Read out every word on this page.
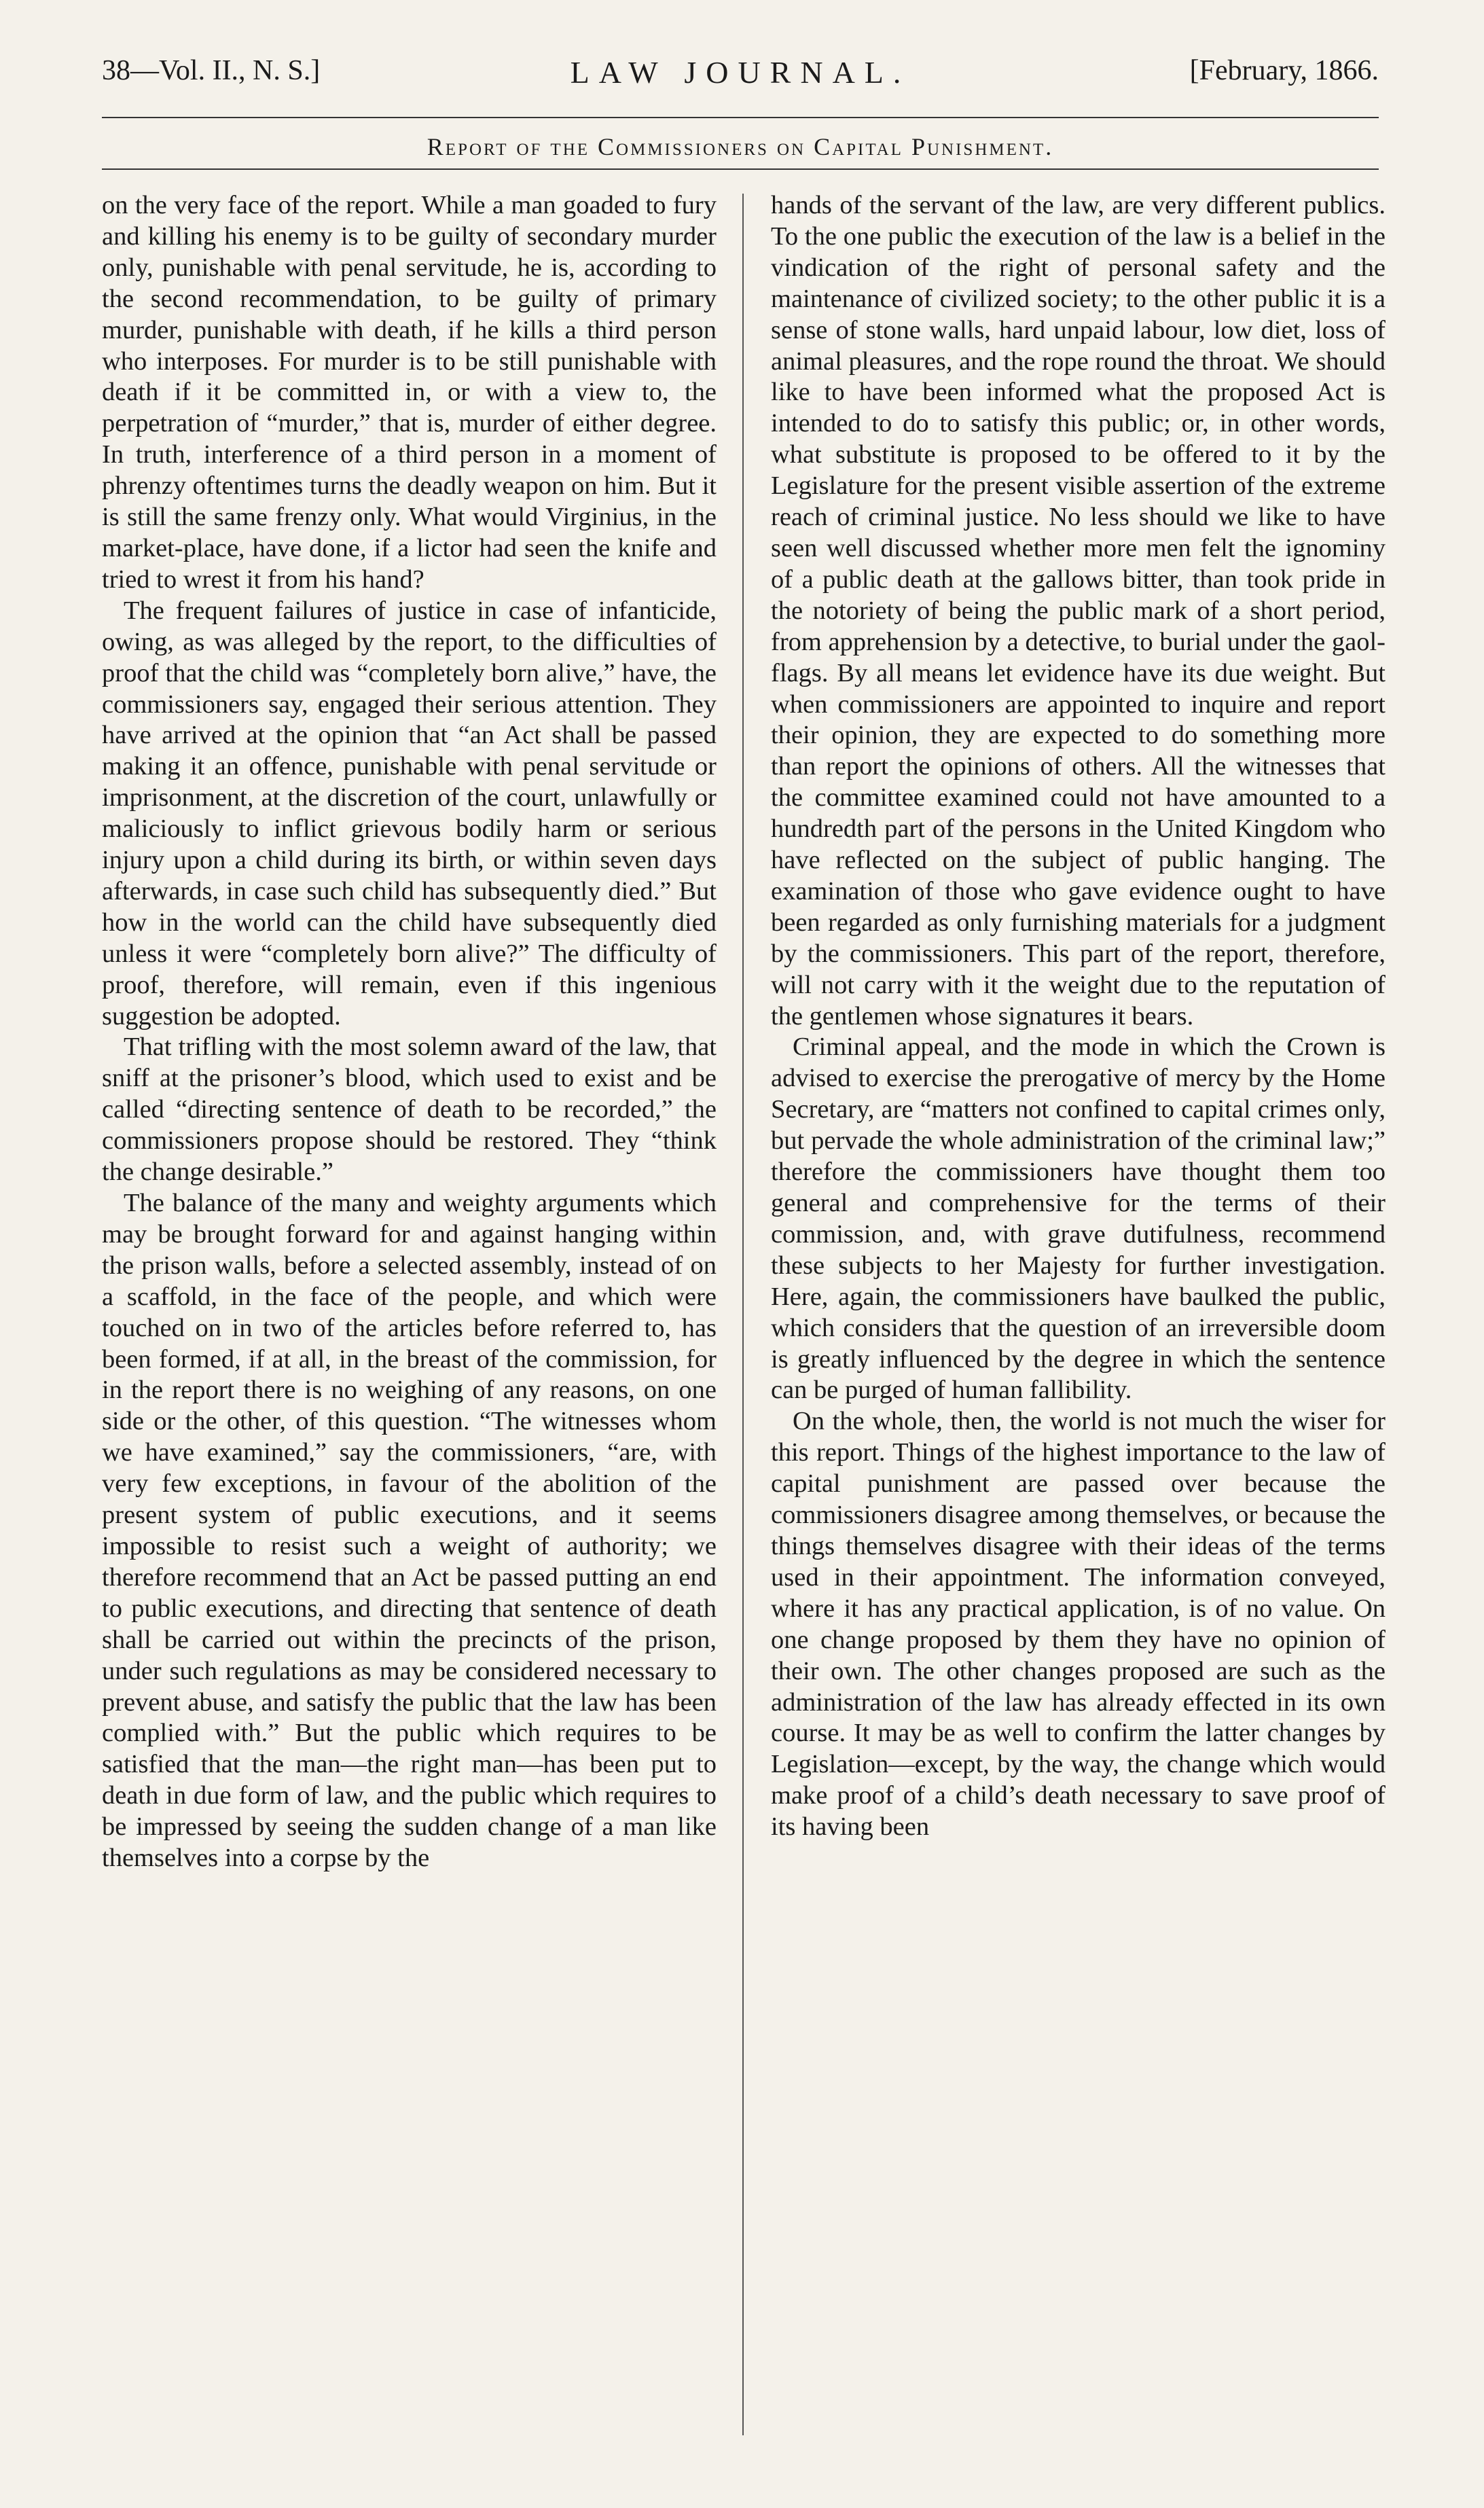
38—Vol. II., N. S.]	LAW JOURNAL.	[February, 1866.
Report of the Commissioners on Capital Punishment.

on the very face of the report. While a man goaded to fury and killing his enemy is to be guilty of secondary murder only, punishable with penal servitude, he is, according to the second recommendation, to be guilty of primary murder, punishable with death, if he kills a third person who interposes. For murder is to be still punishable with death if it be committed in, or with a view to, the perpetration of “murder,” that is, murder of either degree. In truth, interference of a third person in a moment of phrenzy oftentimes turns the deadly weapon on him. But it is still the same frenzy only. What would Virginius, in the market-place, have done, if a lictor had seen the knife and tried to wrest it from his hand?

The frequent failures of justice in case of infanticide, owing, as was alleged by the report, to the difficulties of proof that the child was “completely born alive,” have, the commissioners say, engaged their serious attention. They have arrived at the opinion that “an Act shall be passed making it an offence, punishable with penal servitude or imprisonment, at the discretion of the court, unlawfully or maliciously to inflict grievous bodily harm or serious injury upon a child during its birth, or within seven days afterwards, in case such child has subsequently died.” But how in the world can the child have subsequently died unless it were “completely born alive?” The difficulty of proof, therefore, will remain, even if this ingenious suggestion be adopted.

That trifling with the most solemn award of the law, that sniff at the prisoner’s blood, which used to exist and be called “directing sentence of death to be recorded,” the commissioners propose should be restored. They “think the change desirable.”

The balance of the many and weighty arguments which may be brought forward for and against hanging within the prison walls, before a selected assembly, instead of on a scaffold, in the face of the people, and which were touched on in two of the articles before referred to, has been formed, if at all, in the breast of the commission, for in the report there is no weighing of any reasons, on one side or the other, of this question. “The witnesses whom we have examined,” say the commissioners, “are, with very few exceptions, in favour of the abolition of the present system of public executions, and it seems impossible to resist such a weight of authority; we therefore recommend that an Act be passed putting an end to public executions, and directing that sentence of death shall be carried out within the precincts of the prison, under such regulations as may be considered necessary to prevent abuse, and satisfy the public that the law has been complied with.” But the public which requires to be satisfied that the man—the right man—has been put to death in due form of law, and the public which requires to be impressed by seeing the sudden change of a man like themselves into a corpse by the

hands of the servant of the law, are very different publics. To the one public the execution of the law is a belief in the vindication of the right of personal safety and the maintenance of civilized society; to the other public it is a sense of stone walls, hard unpaid labour, low diet, loss of animal pleasures, and the rope round the throat. We should like to have been informed what the proposed Act is intended to do to satisfy this public; or, in other words, what substitute is proposed to be offered to it by the Legislature for the present visible assertion of the extreme reach of criminal justice. No less should we like to have seen well discussed whether more men felt the ignominy of a public death at the gallows bitter, than took pride in the notoriety of being the public mark of a short period, from apprehension by a detective, to burial under the gaol-flags. By all means let evidence have its due weight. But when commissioners are appointed to inquire and report their opinion, they are expected to do something more than report the opinions of others. All the witnesses that the committee examined could not have amounted to a hundredth part of the persons in the United Kingdom who have reflected on the subject of public hanging. The examination of those who gave evidence ought to have been regarded as only furnishing materials for a judgment by the commissioners. This part of the report, therefore, will not carry with it the weight due to the reputation of the gentlemen whose signatures it bears.

Criminal appeal, and the mode in which the Crown is advised to exercise the prerogative of mercy by the Home Secretary, are “matters not confined to capital crimes only, but pervade the whole administration of the criminal law;” therefore the commissioners have thought them too general and comprehensive for the terms of their commission, and, with grave dutifulness, recommend these subjects to her Majesty for further investigation. Here, again, the commissioners have baulked the public, which considers that the question of an irreversible doom is greatly influenced by the degree in which the sentence can be purged of human fallibility.

On the whole, then, the world is not much the wiser for this report. Things of the highest importance to the law of capital punishment are passed over because the commissioners disagree among themselves, or because the things themselves disagree with their ideas of the terms used in their appointment. The information conveyed, where it has any practical application, is of no value. On one change proposed by them they have no opinion of their own. The other changes proposed are such as the administration of the law has already effected in its own course. It may be as well to confirm the latter changes by Legislation—except, by the way, the change which would make proof of a child’s death necessary to save proof of its having been
